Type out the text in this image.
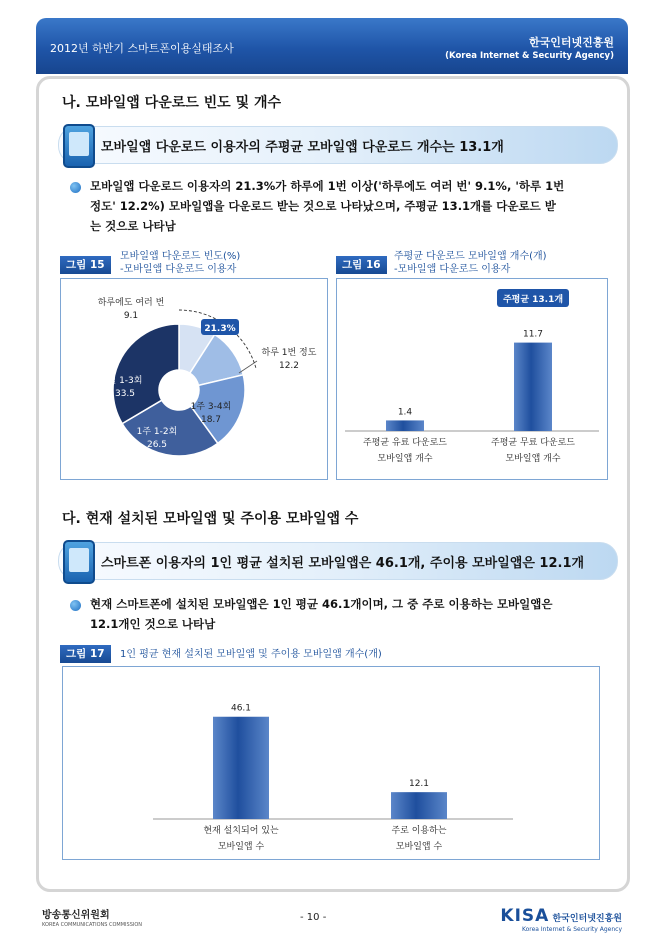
2012년 하반기 스마트폰이용실태조사	한국인터넷진흥원
(Korea Internet & Security Agency)
나. 모바일앱 다운로드 빈도 및 개수
모바일앱 다운로드 이용자의 주평균 모바일앱 다운로드 개수는 13.1개
모바일앱 다운로드 이용자의 21.3%가 하루에 1번 이상('하루에도 여러 번' 9.1%, '하루 1번
정도' 12.2%) 모바일앱을 다운로드 받는 것으로 나타났으며, 주평균 13.1개를 다운로드 받
는 것으로 나타남
그림 15
모바일앱 다운로드 빈도(%)
-모바일앱 다운로드 이용자
하루에도 여러 번
9.1
하루 1번 정도
12.2
1주 3-4회
18.7
1주 1-2회
26.5
월 1-3회
33.5
21.3%
그림 16
주평균 다운로드 모바일앱 개수(개)
-모바일앱 다운로드 이용자
1.4
주평균 유료 다운로드
모바일앱 개수
11.7
주평균 무료 다운로드
모바일앱 개수
주평균 13.1개
다. 현재 설치된 모바일앱 및 주이용 모바일앱 수
스마트폰 이용자의 1인 평균 설치된 모바일앱은 46.1개, 주이용 모바일앱은 12.1개
현재 스마트폰에 설치된 모바일앱은 1인 평균 46.1개이며, 그 중 주로 이용하는 모바일앱은
12.1개인 것으로 나타남
그림 17	1인 평균 현재 설치된 모바일앱 및 주이용 모바일앱 개수(개)
46.1
현재 설치되어 있는
모바일앱 수
12.1
주로 이용하는
모바일앱 수
방송통신위원회
KOREA COMMUNICATIONS COMMISSION
- 10 -	KISA 한국인터넷진흥원
Korea Internet & Security Agency
